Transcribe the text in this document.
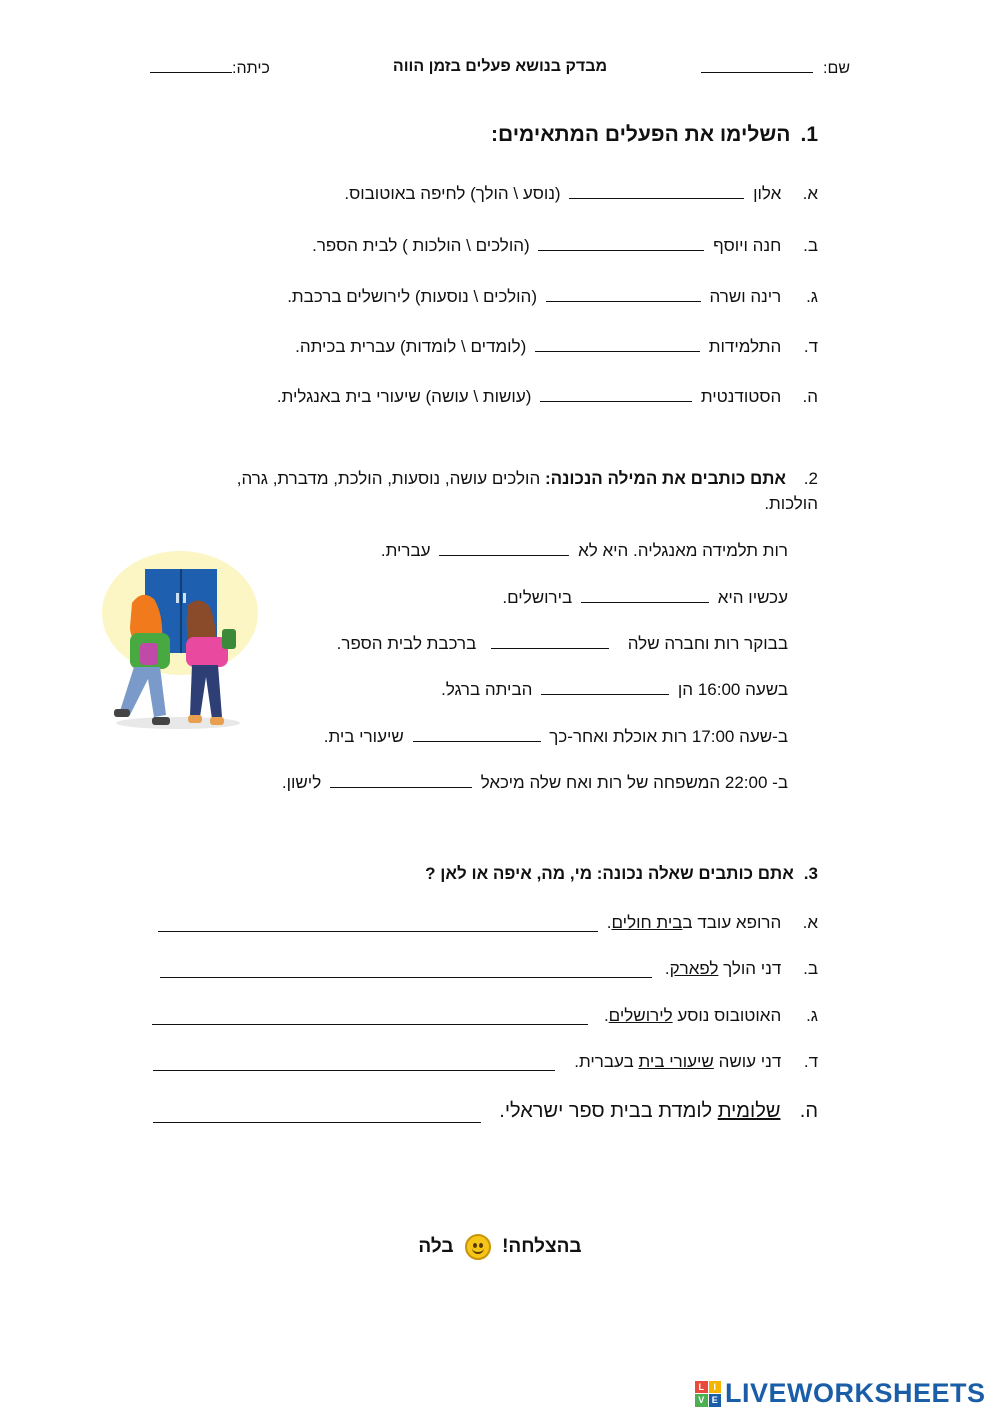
שם:
מבדק בנושא פעלים בזמן הווה
כיתה:
1.השלימו את הפעלים המתאימים:
א. אלון  (נוסע \ הולך) לחיפה באוטובוס.
ב. חנה ויוסף  (הולכים \ הולכות ) לבית הספר.
ג. רינה ושרה  (הולכים \ נוסעות) לירושלים ברכבת.
ד. התלמידות  (לומדים \ לומדות) עברית בכיתה.
ה. הסטודנטית  (עושות \ עושה) שיעורי בית באנגלית.
2.אתם כותבים את המילה הנכונה: הולכים עושה, נוסעות, הולכת, מדברת, גרה,
הולכות.
רות תלמידה מאנגליה. היא לא  עברית.
עכשיו היא  בירושלים.
בבוקר רות וחברה שלה  ברכבת לבית הספר.
בשעה 16:00 הן  הביתה ברגל.
ב-שעה 17:00 רות אוכלת ואחר-כך  שיעורי בית.
ב- 22:00 המשפחה של רות ואח שלה מיכאל  לישון.
3.אתם כותבים שאלה נכונה: מי, מה, איפה או לאן ?
א. הרופא עובד בבית חולים.
ב. דני הולך לפארק.
ג. האוטובוס נוסע לירושלים.
ד. דני עושה שיעורי בית בעברית.
ה. שלומית לומדת בבית ספר ישראלי.
בהצלחה!
בלה
L	I
V E LIVEWORKSHEETS
